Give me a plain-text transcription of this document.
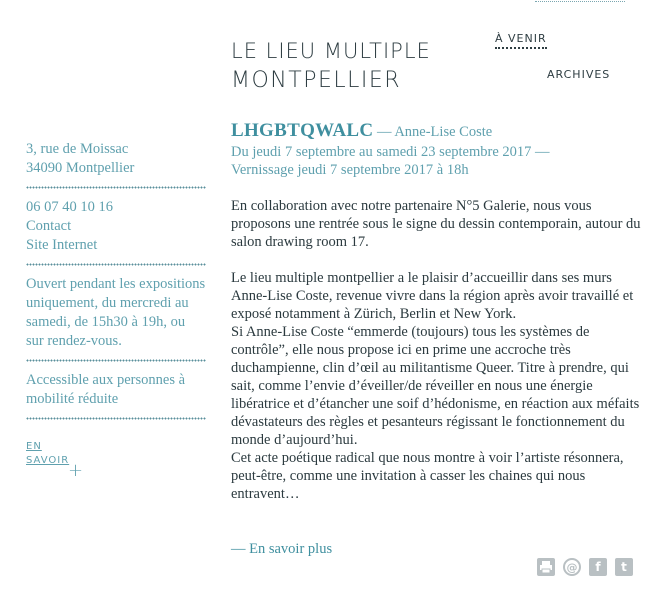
LE LIEU MULTIPLE
MONTPELLIER
À VENIR
ARCHIVES
3, rue de Moissac
34090 Montpellier
06 07 40 10 16
Contact
Site Internet
Ouvert pendant les expositions uniquement, du mercredi au samedi, de 15h30 à 19h, ou sur rendez-vous.
Accessible aux personnes à mobilité réduite
EN
SAVOIR
+
LHGBTQWALC — Anne-Lise Coste
Du jeudi 7 septembre au samedi 23 septembre 2017 —
Vernissage jeudi 7 septembre 2017 à 18h

En collaboration avec notre partenaire N°5 Galerie, nous vous proposons une rentrée sous le signe du dessin contemporain, autour du salon drawing room 17.

Le lieu multiple montpellier a le plaisir d’accueillir dans ses murs Anne-Lise Coste, revenue vivre dans la région après avoir travaillé et exposé notamment à Zürich, Berlin et New York.

Si Anne-Lise Coste “emmerde (toujours) tous les systèmes de contrôle”, elle nous propose ici en prime une accroche très duchampienne, clin d’œil au militantisme Queer. Titre à prendre, qui sait, comme l’envie d’éveiller/de réveiller en nous une énergie libératrice et d’étancher une soif d’hédonisme, en réaction aux méfaits dévastateurs des règles et pesanteurs régissant le fonctionnement du monde d’aujourd’hui.

Cet acte poétique radical que nous montre à voir l’artiste résonnera, peut-être, comme une invitation à casser les chaines qui nous entravent…

— En savoir plus
@	f	t
